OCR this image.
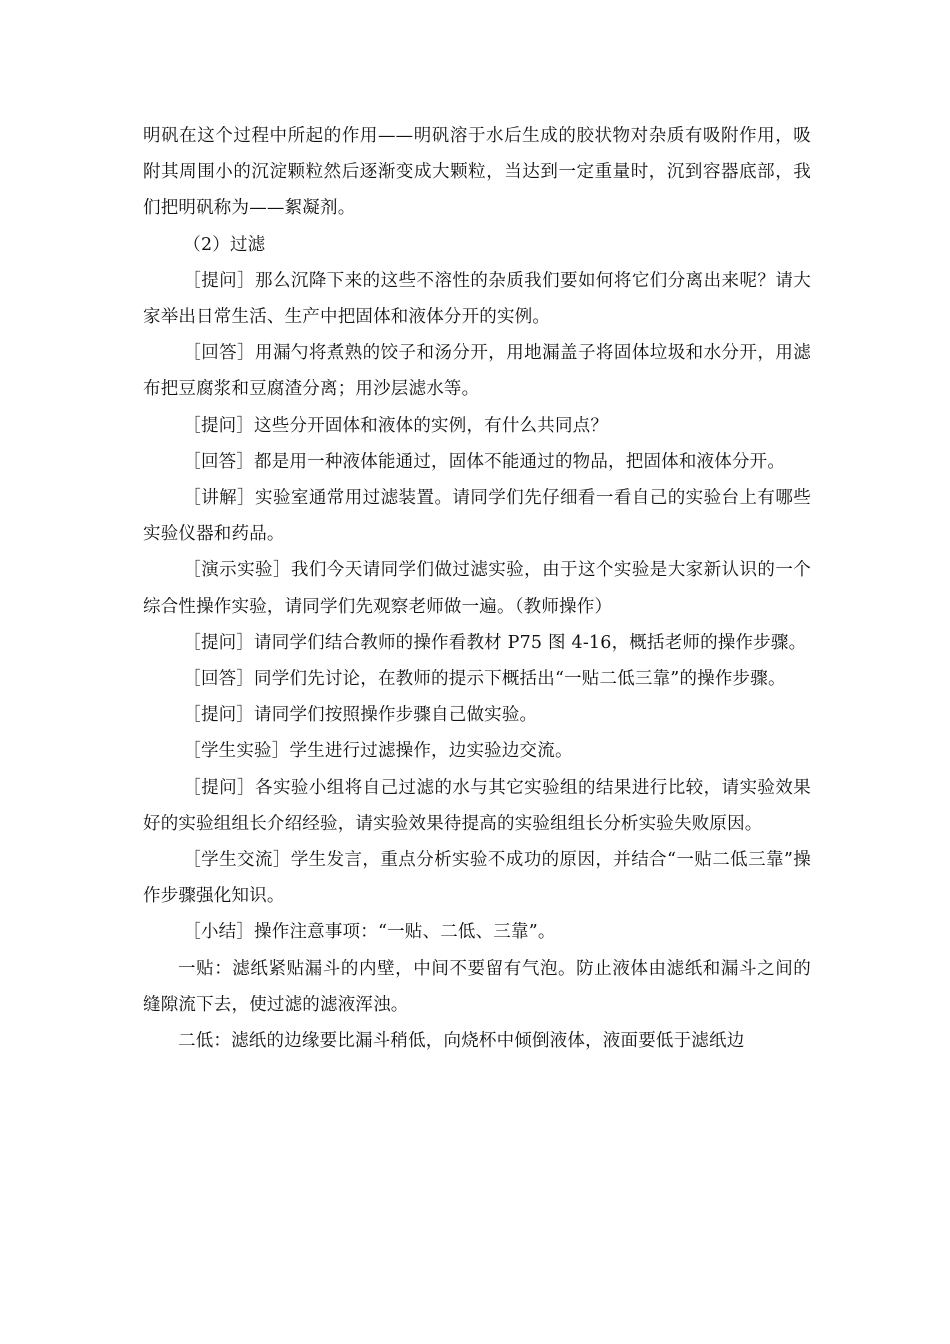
明矾在这个过程中所起的作用——明矾溶于水后生成的胶状物对杂质有吸附作用，吸附其周围小的沉淀颗粒然后逐渐变成大颗粒，当达到一定重量时，沉到容器底部，我们把明矾称为——絮凝剂。

（2）过滤

［提问］那么沉降下来的这些不溶性的杂质我们要如何将它们分离出来呢？请大家举出日常生活、生产中把固体和液体分开的实例。

［回答］用漏勺将煮熟的饺子和汤分开，用地漏盖子将固体垃圾和水分开，用滤布把豆腐浆和豆腐渣分离；用沙层滤水等。

［提问］这些分开固体和液体的实例，有什么共同点？

［回答］都是用一种液体能通过，固体不能通过的物品，把固体和液体分开。

［讲解］实验室通常用过滤装置。请同学们先仔细看一看自己的实验台上有哪些实验仪器和药品。

［演示实验］我们今天请同学们做过滤实验，由于这个实验是大家新认识的一个综合性操作实验，请同学们先观察老师做一遍。（教师操作）

［提问］请同学们结合教师的操作看教材 P75 图 4-16，概括老师的操作步骤。

［回答］同学们先讨论，在教师的提示下概括出“一贴二低三靠”的操作步骤。

［提问］请同学们按照操作步骤自己做实验。

［学生实验］学生进行过滤操作，边实验边交流。

［提问］各实验小组将自己过滤的水与其它实验组的结果进行比较，请实验效果好的实验组组长介绍经验，请实验效果待提高的实验组组长分析实验失败原因。

［学生交流］学生发言，重点分析实验不成功的原因，并结合“一贴二低三靠”操作步骤强化知识。

［小结］操作注意事项：“一贴、二低、三靠”。

一贴：滤纸紧贴漏斗的内壁，中间不要留有气泡。防止液体由滤纸和漏斗之间的缝隙流下去，使过滤的滤液浑浊。

二低：滤纸的边缘要比漏斗稍低，向烧杯中倾倒液体，液面要低于滤纸边
